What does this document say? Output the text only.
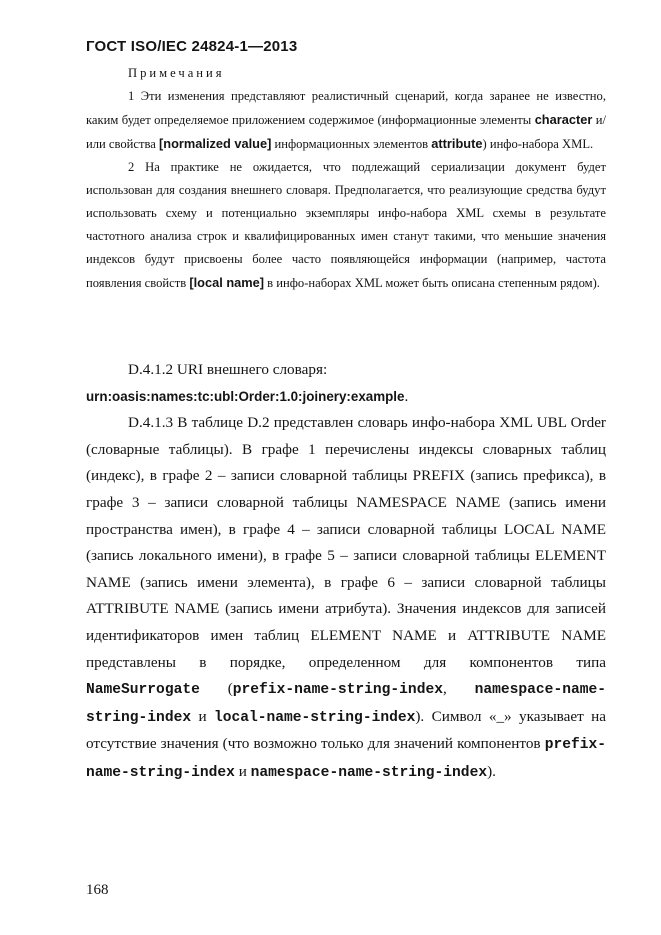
ГОСТ ISO/IEC 24824-1—2013

Примечания

1 Эти изменения представляют реалистичный сценарий, когда заранее не известно, каким будет определяемое приложением содержимое (информационные элементы character и/или свойства [normalized value] информационных элементов attribute) инфо-набора XML.

2 На практике не ожидается, что подлежащий сериализации документ будет использован для создания внешнего словаря. Предполагается, что реализующие средства будут использовать схему и потенциально экземпляры инфо-набора XML схемы в результате частотного анализа строк и квалифицированных имен станут такими, что меньшие значения индексов будут присвоены более часто появляющейся информации (например, частота появления свойств [local name] в инфо-наборах XML может быть описана степенным рядом).

D.4.1.2 URI внешнего словаря:

urn:oasis:names:tc:ubl:Order:1.0:joinery:example.

D.4.1.3 В таблице D.2 представлен словарь инфо-набора XML UBL Order (словарные таблицы). В графе 1 перечислены индексы словарных таблиц (индекс), в графе 2 – записи словарной таблицы PREFIX (запись префикса), в графе 3 – записи словарной таблицы NAMESPACE NAME (запись имени пространства имен), в графе 4 – записи словарной таблицы LOCAL NAME (запись локального имени), в графе 5 – записи словарной таблицы ELEMENT NAME (запись имени элемента), в графе 6 – записи словарной таблицы ATTRIBUTE NAME (запись имени атрибута). Значения индексов для записей идентификаторов имен таблиц ELEMENT NAME и ATTRIBUTE NAME представлены в порядке, определенном для компонентов типа NameSurrogate (prefix-name-string-index, namespace-name-string-index и local-name-string-index). Символ «_» указывает на отсутствие значения (что возможно только для значений компонентов prefix-name-string-index и namespace-name-string-index).

168
